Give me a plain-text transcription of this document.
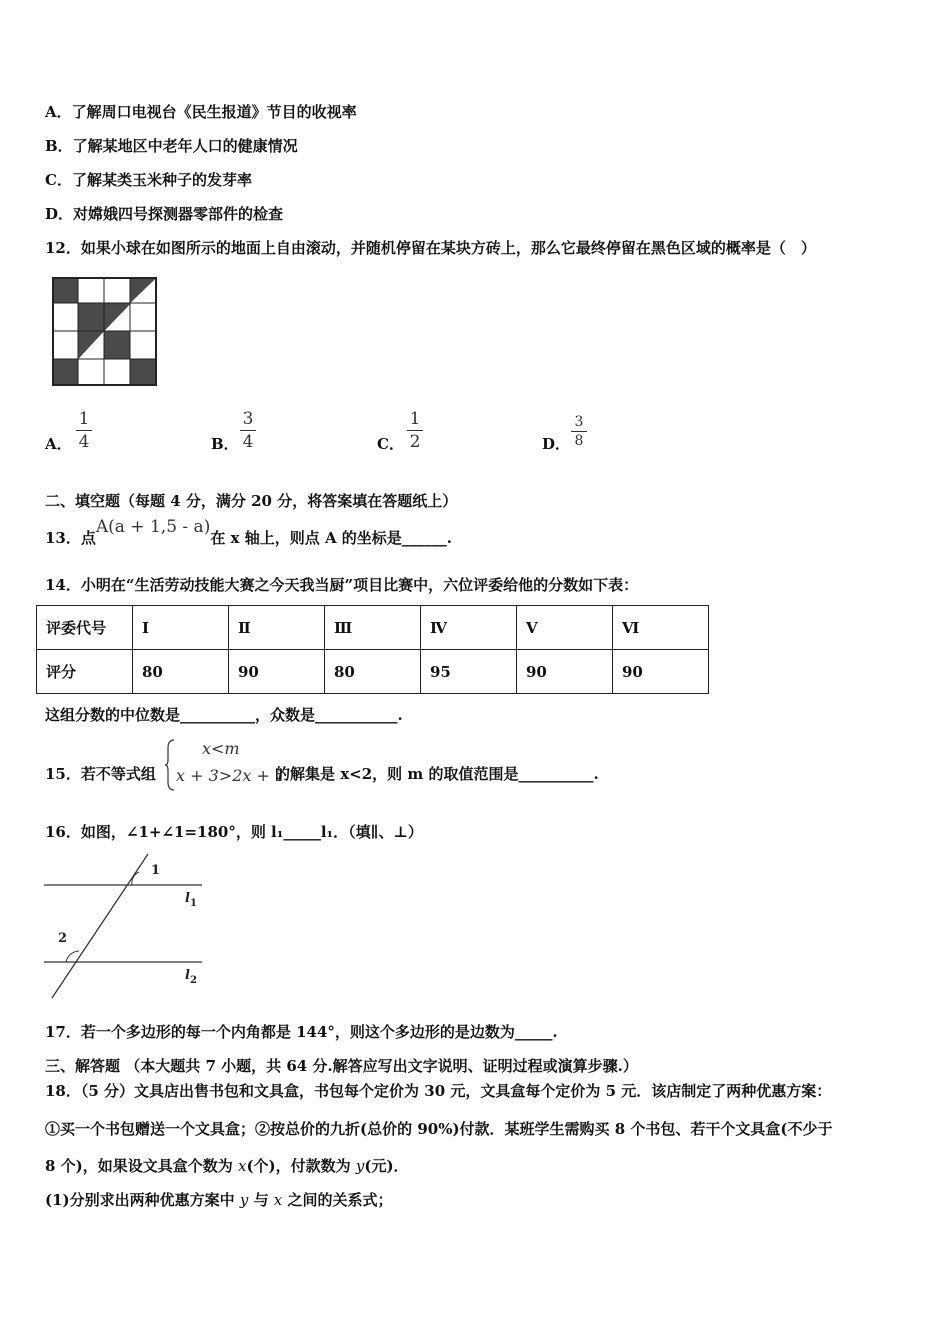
A．了解周口电视台《民生报道》节目的收视率
B．了解某地区中老年人口的健康情况
C．了解某类玉米种子的发芽率
D．对嫦娥四号探测器零部件的检查
12．如果小球在如图所示的地面上自由滚动，并随机停留在某块方砖上，那么它最终停留在黑色区域的概率是（　）
A．
1
4	B．
3
4	C．
1
2	D．
3
8
二、填空题（每题 4 分，满分 20 分，将答案填在答题纸上）
13．点A(a + 1,5 - a)在 x 轴上，则点 A 的坐标是______.
14．小明在“生活劳动技能大赛之今天我当厨”项目比赛中，六位评委给他的分数如下表：
评委代号	Ⅰ	Ⅱ	Ⅲ	Ⅳ	Ⅴ	Ⅵ
评分	80	90	80	95	90	90
这组分数的中位数是__________，众数是___________.
15．若不等式组
x<m
x + 3>2x + 1
的解集是 x<2，则 m 的取值范围是__________.
16．如图，∠1+∠1=180°，则 l₁_____l₁．（填∥、⊥）
1
2
$l_1$
$l_2$
17．若一个多边形的每一个内角都是 144°，则这个多边形的是边数为_____.
三、解答题 （本大题共 7 小题，共 64 分.解答应写出文字说明、证明过程或演算步骤.）
18．（5 分）文具店出售书包和文具盒，书包每个定价为 30 元，文具盒每个定价为 5 元．该店制定了两种优惠方案：
①买一个书包赠送一个文具盒；②按总价的九折(总价的 90%)付款．某班学生需购买 8 个书包、若干个文具盒(不少于
8 个)，如果设文具盒个数为 x(个)，付款数为 y(元)．
(1)分别求出两种优惠方案中 y 与 x 之间的关系式；
